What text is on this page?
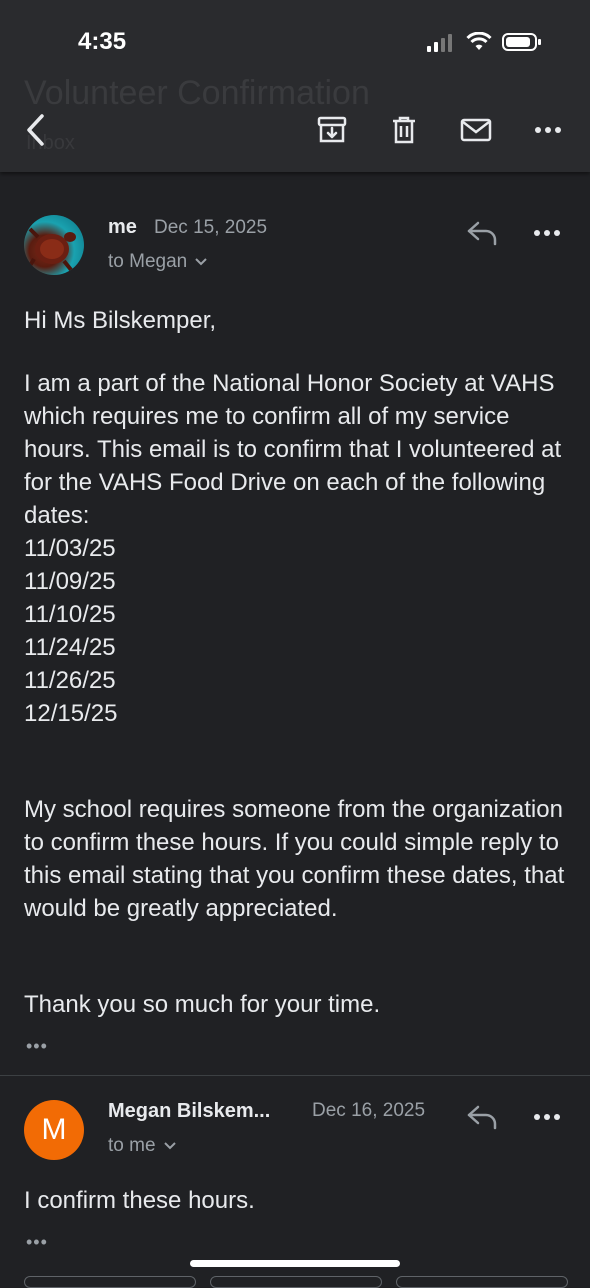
4:35
Volunteer Confirmation
Inbox
me Dec 15, 2025
to Megan
Hi Ms Bilskemper,
I am a part of the National Honor Society at VAHS which requires me to confirm all of my service hours. This email is to confirm that I volunteered at for the VAHS Food Drive on each of the following dates:
11/03/25
11/09/25
11/10/25
11/24/25
11/26/25
12/15/25
My school requires someone from the organization to confirm these hours. If you could simple reply to this email stating that you confirm these dates, that would be greatly appreciated.
Thank you so much for your time.
•••
M
Megan Bilskem... Dec 16, 2025
to me
I confirm these hours.
•••
